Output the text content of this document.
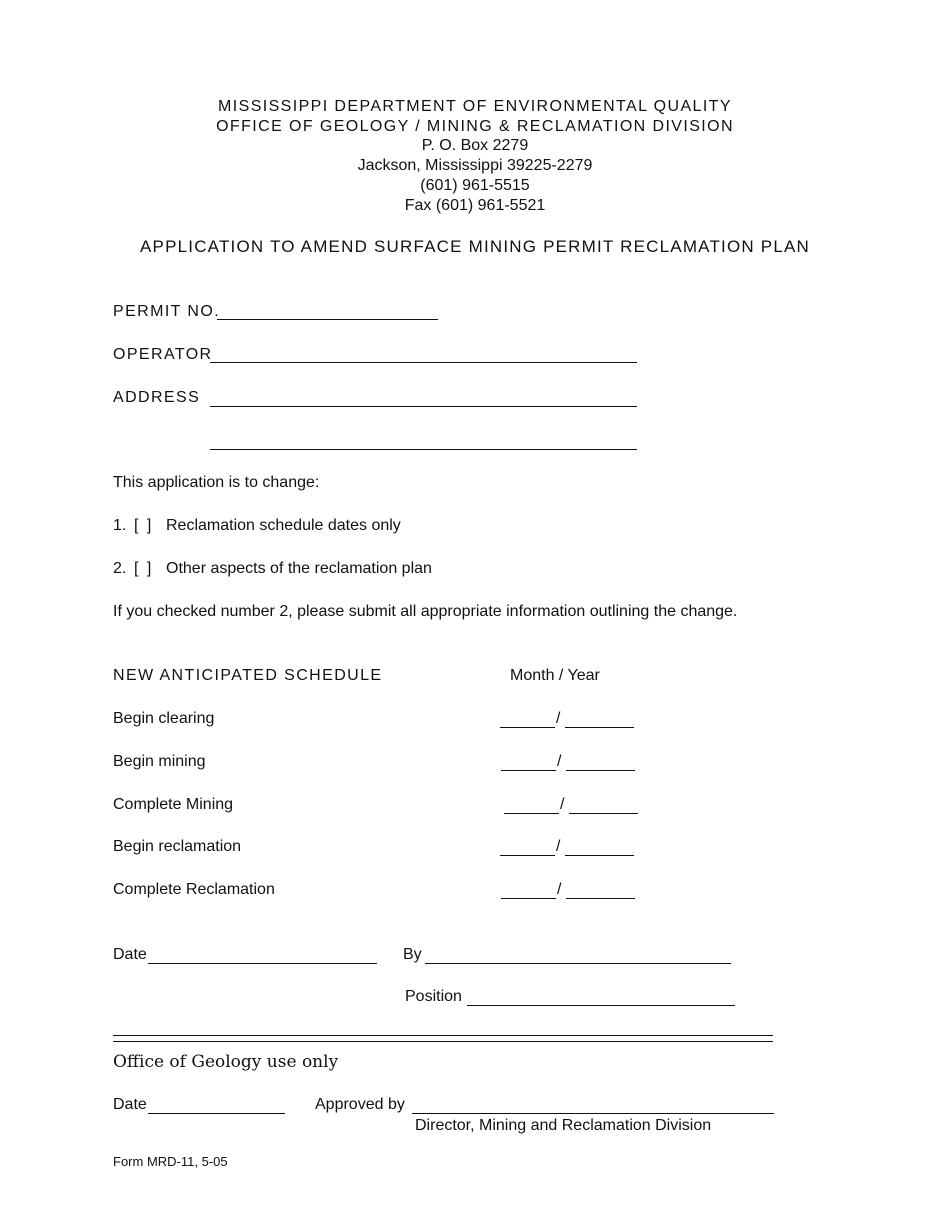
MISSISSIPPI DEPARTMENT OF ENVIRONMENTAL QUALITY
OFFICE OF GEOLOGY / MINING & RECLAMATION DIVISION
P. O. Box 2279
Jackson, Mississippi 39225-2279
(601) 961-5515
Fax (601) 961-5521
APPLICATION TO AMEND SURFACE MINING PERMIT RECLAMATION PLAN
PERMIT NO.
OPERATOR
ADDRESS
This application is to change:
1. [ ] Reclamation schedule dates only
2. [ ] Other aspects of the reclamation plan
If you checked number 2, please submit all appropriate information outlining the change.
NEW ANTICIPATED SCHEDULE	Month / Year
Begin clearing	/
Begin mining	/
Complete Mining	/
Begin reclamation	/
Complete Reclamation	/
Date	By
Position
Office of Geology use only
Date	Approved by
Director, Mining and Reclamation Division
Form MRD-11, 5-05
